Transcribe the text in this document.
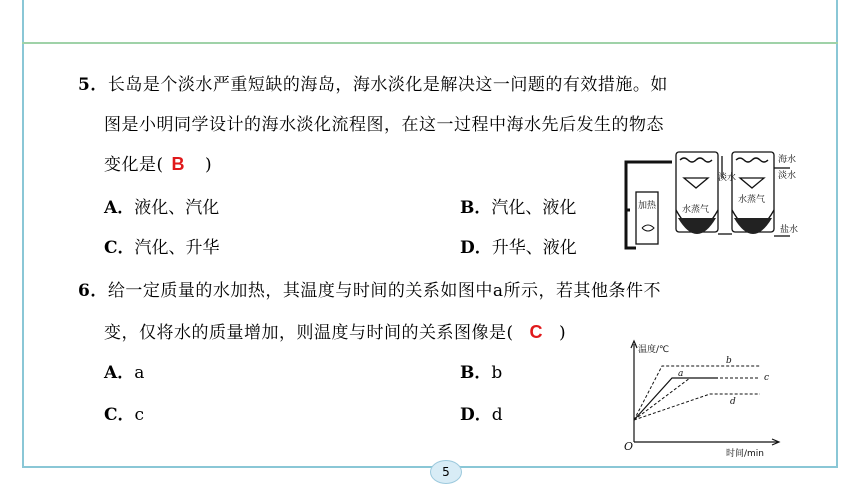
5．长岛是个淡水严重短缺的海岛，海水淡化是解决这一问题的有效措施。如
图是小明同学设计的海水淡化流程图，在这一过程中海水先后发生的物态
变化是( B )
A．液化、汽化	B．汽化、液化
C．汽化、升华	D．升华、液化
淡水
海水
淡水
加热	水蒸气
水蒸气
盐水
6．给一定质量的水加热，其温度与时间的关系如图中a所示，若其他条件不
变，仅将水的质量增加，则温度与时间的关系图像是( C )
A．a	B．b
C．c	D．d
温度/℃
时间/min
O
a
b
c
d
5
